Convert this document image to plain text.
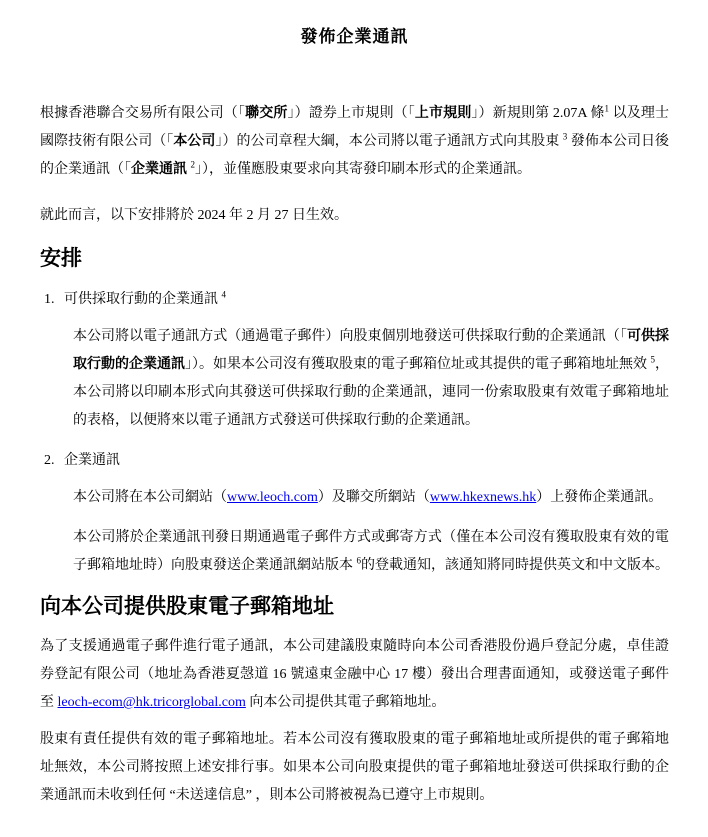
發佈企業通訊

根據香港聯合交易所有限公司（「聯交所」）證券上市規則（「上市規則」）新規則第 2.07A 條$^1$ 以及理士國際技術有限公司（「本公司」）的公司章程大綱，本公司將以電子通訊方式向其股東 $^3$ 發佈本公司日後的企業通訊（「企業通訊 $^2$」），並僅應股東要求向其寄發印刷本形式的企業通訊。

就此而言，以下安排將於 2024 年 2 月 27 日生效。

安排
1. 可供採取行動的企業通訊 $^4$

本公司將以電子通訊方式（通過電子郵件）向股東個別地發送可供採取行動的企業通訊（「可供採取行動的企業通訊」）。如果本公司沒有獲取股東的電子郵箱位址或其提供的電子郵箱地址無效 $^5$，本公司將以印刷本形式向其發送可供採取行動的企業通訊，連同一份索取股東有效電子郵箱地址的表格，以便將來以電子通訊方式發送可供採取行動的企業通訊。

2. 企業通訊

本公司將在本公司網站（www.leoch.com）及聯交所網站（www.hkexnews.hk）上發佈企業通訊。

本公司將於企業通訊刊發日期通過電子郵件方式或郵寄方式（僅在本公司沒有獲取股東有效的電子郵箱地址時）向股東發送企業通訊網站版本 $^6$的登載通知，該通知將同時提供英文和中文版本。

向本公司提供股東電子郵箱地址

為了支援通過電子郵件進行電子通訊，本公司建議股東隨時向本公司香港股份過戶登記分處，卓佳證券登記有限公司（地址為香港夏愨道 16 號遠東金融中心 17 樓）發出合理書面通知，或發送電子郵件至 leoch-ecom@hk.tricorglobal.com 向本公司提供其電子郵箱地址。

股東有責任提供有效的電子郵箱地址。若本公司沒有獲取股東的電子郵箱地址或所提供的電子郵箱地址無效，本公司將按照上述安排行事。如果本公司向股東提供的電子郵箱地址發送可供採取行動的企業通訊而未收到任何 “未送達信息” ，則本公司將被視為已遵守上市規則。
